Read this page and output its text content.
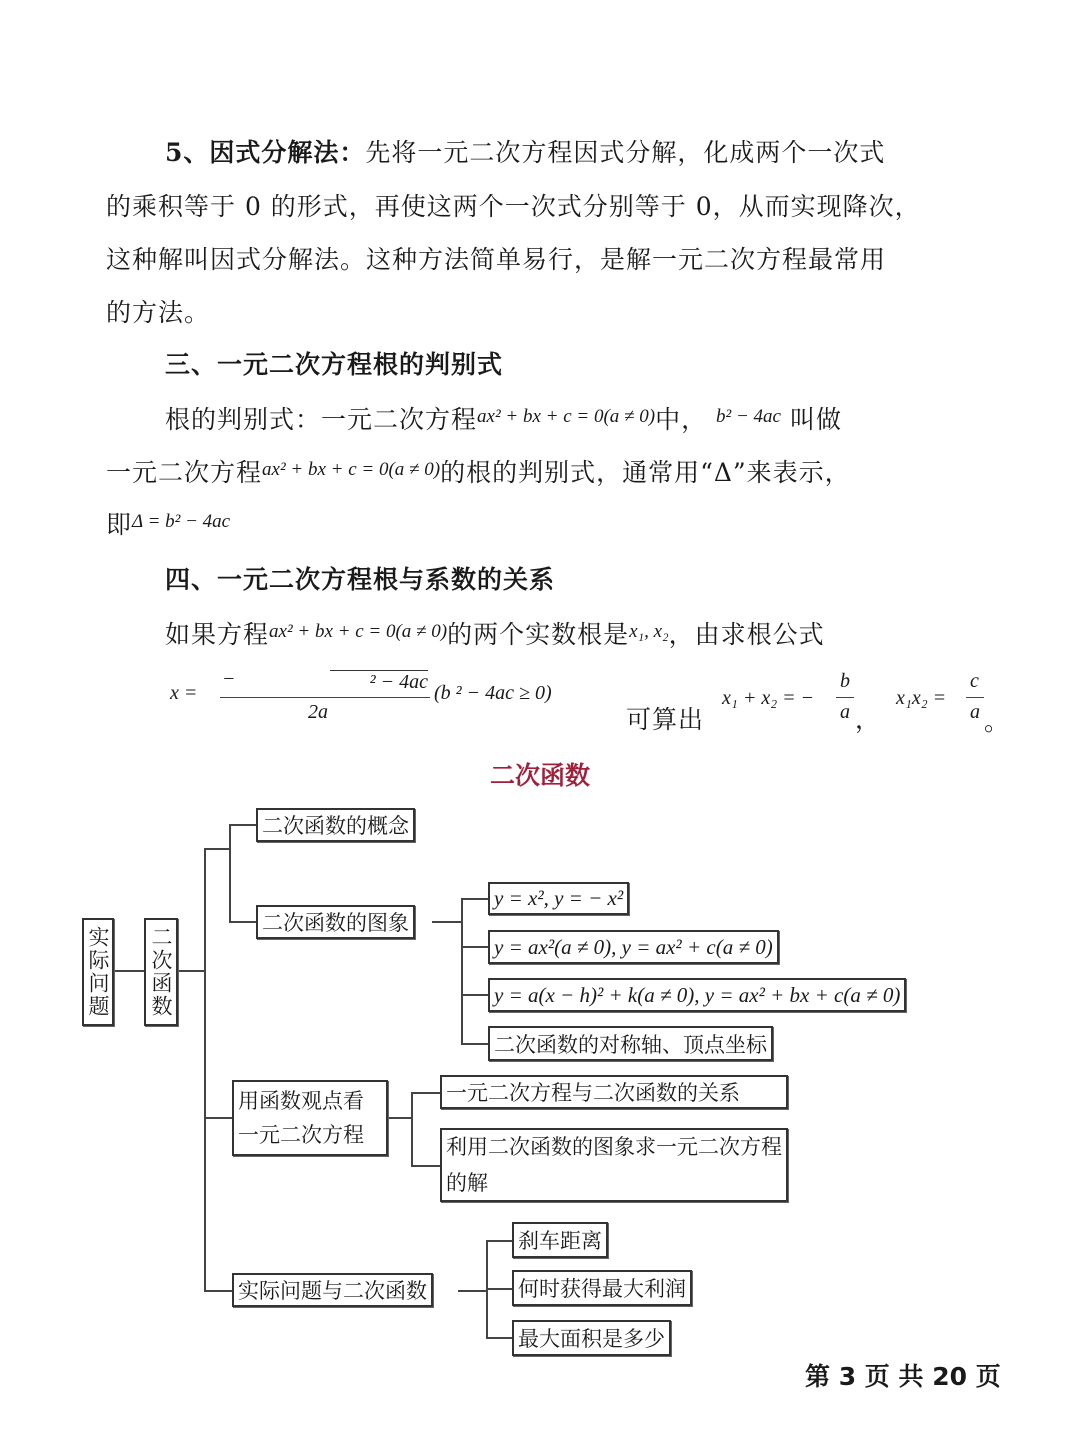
5、因式分解法：先将一元二次方程因式分解，化成两个一次式
的乘积等于 0 的形式，再使这两个一次式分别等于 0，从而实现降次，
这种解叫因式分解法。这种方法简单易行，是解一元二次方程最常用
的方法。
三、一元二次方程根的判别式
根的判别式：一元二次方程$^{ax^2 + bx + c = 0(a \ne 0)}$中， $^{b^2 - 4ac}$ 叫做
一元二次方程$^{ax^2 + bx + c = 0(a \ne 0)}$的根的判别式，通常用“Δ”来表示，
即$^{\Delta = b^2 - 4ac}$
四、一元二次方程根与系数的关系
如果方程$^{ax^2 + bx + c = 0(a \ne 0)}$的两个实数根是$^{x_1, x_2}$，由求根公式
x =
−	² − 4ac
2a
(b ² − 4ac ≥ 0)
可算出
x₁ + x₂ = −
b
a ，
x₁x₂ =
c
a 。
二次函数
实际问题 二次函数
二次函数的概念
二次函数的图象
用函数观点看一元二次方程
实际问题与二次函数
y = x², y = − x²
y = ax²(a ≠ 0), y = ax² + c(a ≠ 0)
y = a(x − h)² + k(a ≠ 0), y = ax² + bx + c(a ≠ 0)
二次函数的对称轴、顶点坐标
一元二次方程与二次函数的关系
利用二次函数的图象求一元二次方程的解
刹车距离
何时获得最大利润
最大面积是多少
第 3 页 共 20 页
